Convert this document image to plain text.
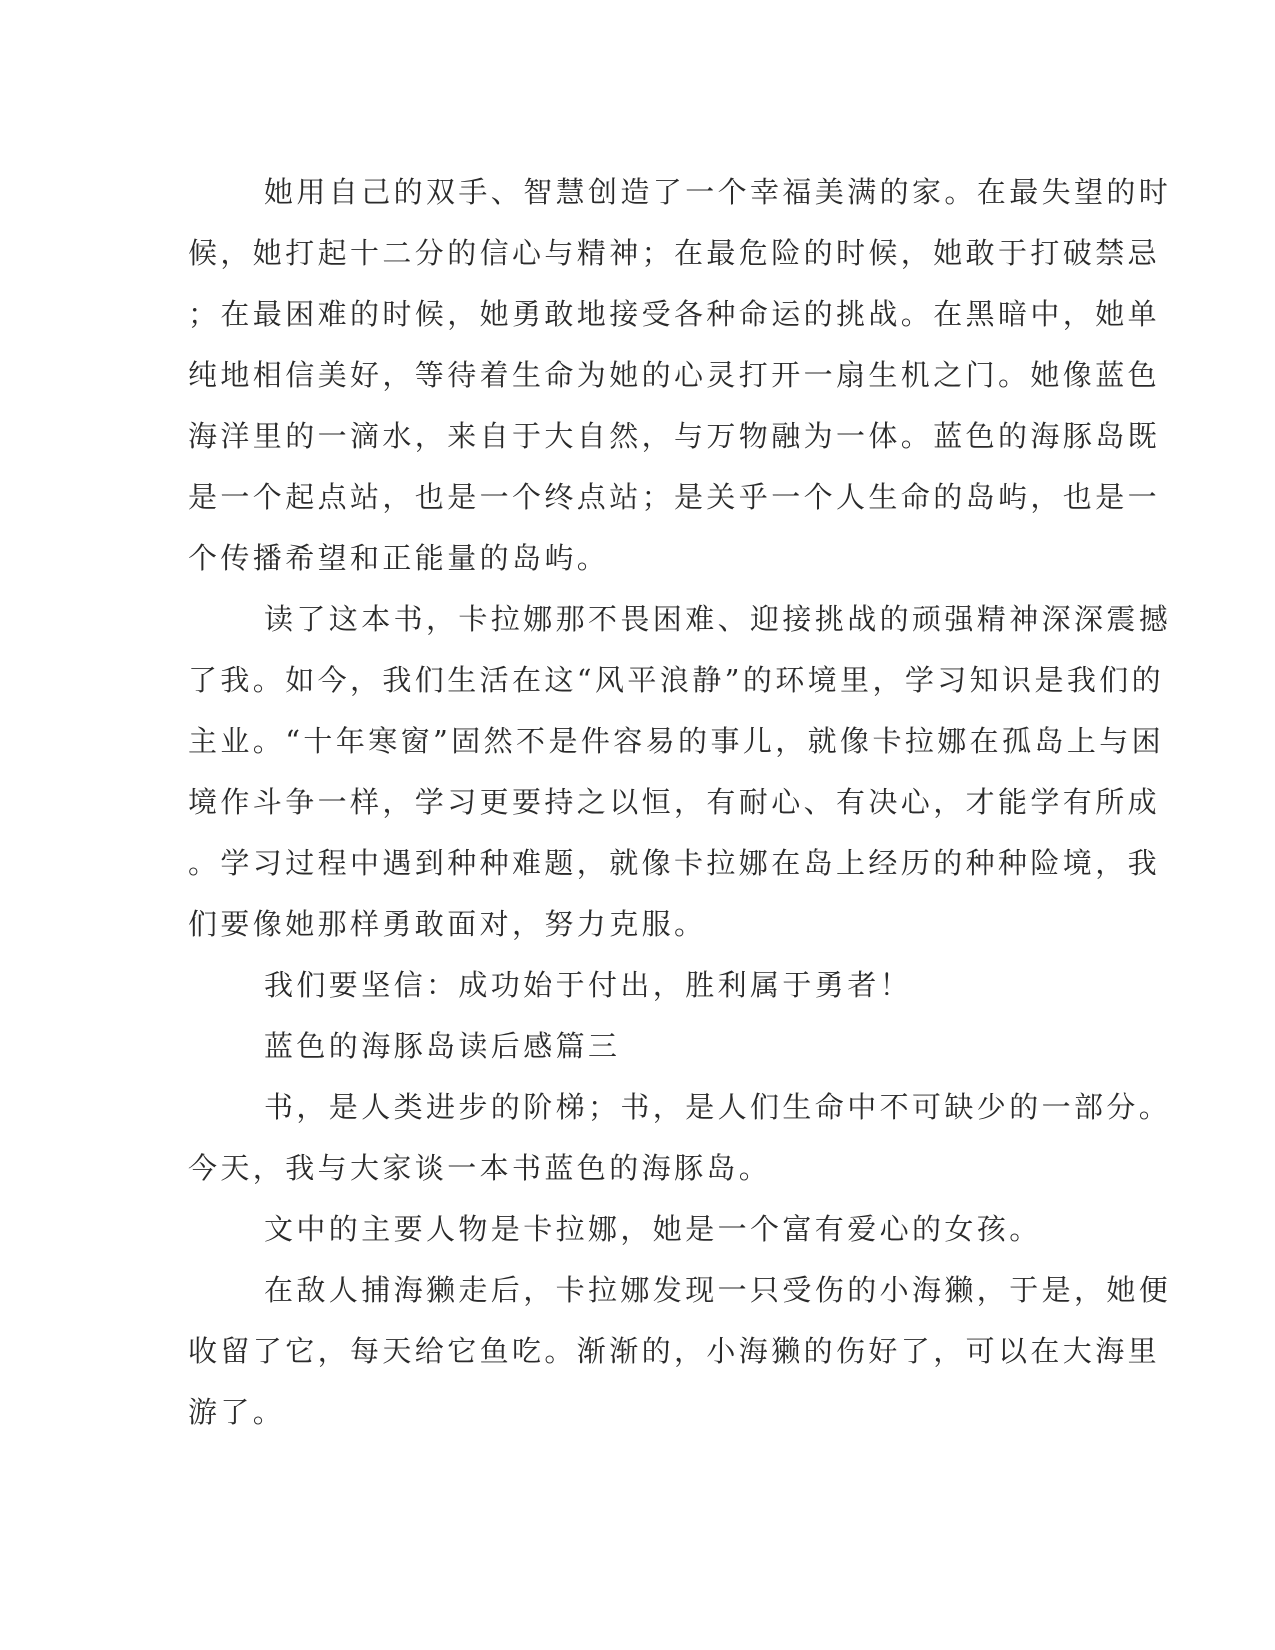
她用自己的双手、智慧创造了一个幸福美满的家。在最失望的时
候，她打起十二分的信心与精神；在最危险的时候，她敢于打破禁忌
；在最困难的时候，她勇敢地接受各种命运的挑战。在黑暗中，她单
纯地相信美好，等待着生命为她的心灵打开一扇生机之门。她像蓝色
海洋里的一滴水，来自于大自然，与万物融为一体。蓝色的海豚岛既
是一个起点站，也是一个终点站；是关乎一个人生命的岛屿，也是一
个传播希望和正能量的岛屿。
读了这本书，卡拉娜那不畏困难、迎接挑战的顽强精神深深震撼
了我。如今，我们生活在这“风平浪静”的环境里，学习知识是我们的
主业。“十年寒窗”固然不是件容易的事儿，就像卡拉娜在孤岛上与困
境作斗争一样，学习更要持之以恒，有耐心、有决心，才能学有所成
。学习过程中遇到种种难题，就像卡拉娜在岛上经历的种种险境，我
们要像她那样勇敢面对，努力克服。
我们要坚信：成功始于付出，胜利属于勇者！
蓝色的海豚岛读后感篇三
书，是人类进步的阶梯；书，是人们生命中不可缺少的一部分。
今天，我与大家谈一本书蓝色的海豚岛。
文中的主要人物是卡拉娜，她是一个富有爱心的女孩。
在敌人捕海獭走后，卡拉娜发现一只受伤的小海獭，于是，她便
收留了它，每天给它鱼吃。渐渐的，小海獭的伤好了，可以在大海里
游了。
